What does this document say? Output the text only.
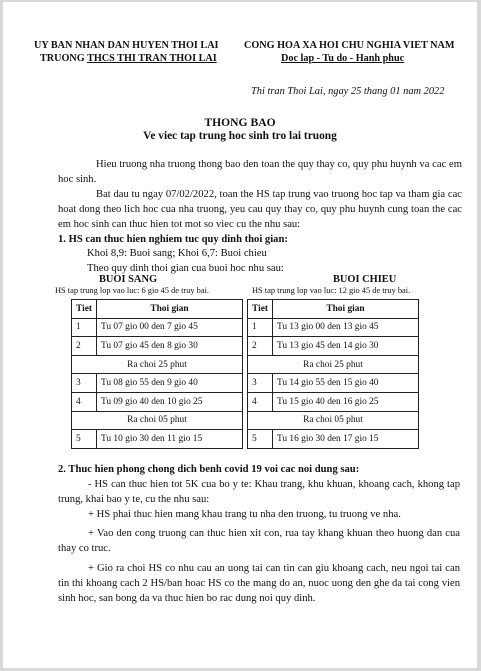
UY BAN NHAN DAN HUYEN THOI LAI
TRUONG THCS THI TRAN THOI LAI
CONG HOA XA HOI CHU NGHIA VIET NAM
Doc lap - Tu do - Hanh phuc
Thi tran Thoi Lai, ngay 25 thang 01 nam 2022
THONG BAO
Ve viec tap trung hoc sinh tro lai truong
Hieu truong nha truong thong bao den toan the quy thay co, quy phu huynh va cac em hoc sinh.
Bat dau tu ngay 07/02/2022, toan the HS tap trung vao truong hoc tap va tham gia cac hoat dong theo lich hoc cua nha truong, yeu cau quy thay co, quy phu huynh cung toan the cac em hoc sinh can thuc hien tot mot so viec cu the nhu sau:
1. HS can thuc hien nghiem tuc quy dinh thoi gian:
Khoi 8,9: Buoi sang; Khoi 6,7: Buoi chieu
Theo quy dinh thoi gian cua buoi hoc nhu sau:
BUOI SANG
HS tap trung lop vao luc: 6 gio 45 de truy bai.
BUOI CHIEU
HS tap trung lop vao luc: 12 gio 45 de truy bai.
Tiet	Thoi gian
1	Tu 07 gio 00 den 7 gio 45
2	Tu 07 gio 45 den 8 gio 30
Ra choi 25 phut	
3	Tu 08 gio 55 den 9 gio 40
4	Tu 09 gio 40 den 10 gio 25
Ra choi 05 phut	
5	Tu 10 gio 30 den 11 gio 15
Tiet	Thoi gian
1	Tu 13 gio 00 den 13 gio 45
2	Tu 13 gio 45 den 14 gio 30
Ra choi 25 phut	
3	Tu 14 gio 55 den 15 gio 40
4	Tu 15 gio 40 den 16 gio 25
Ra choi 05 phut	
5	Tu 16 gio 30 den 17 gio 15
2. Thuc hien phong chong dich benh covid 19 voi cac noi dung sau:
- HS can thuc hien tot 5K cua bo y te: Khau trang, khu khuan, khoang cach, khong tap trung, khai bao y te, cu the nhu sau:
+ HS phai thuc hien mang khau trang tu nha den truong, tu truong ve nha.
+ Vao den cong truong can thuc hien xit con, rua tay khang khuan theo huong dan cua thay co truc.
+ Gio ra choi HS co nhu cau an uong tai can tin can giu khoang cach, neu ngoi tai can tin thi khoang cach 2 HS/ban hoac HS co the mang do an, nuoc uong den ghe da tai cong vien sinh hoc, san bong da va thuc hien bo rac dung noi quy dinh.
